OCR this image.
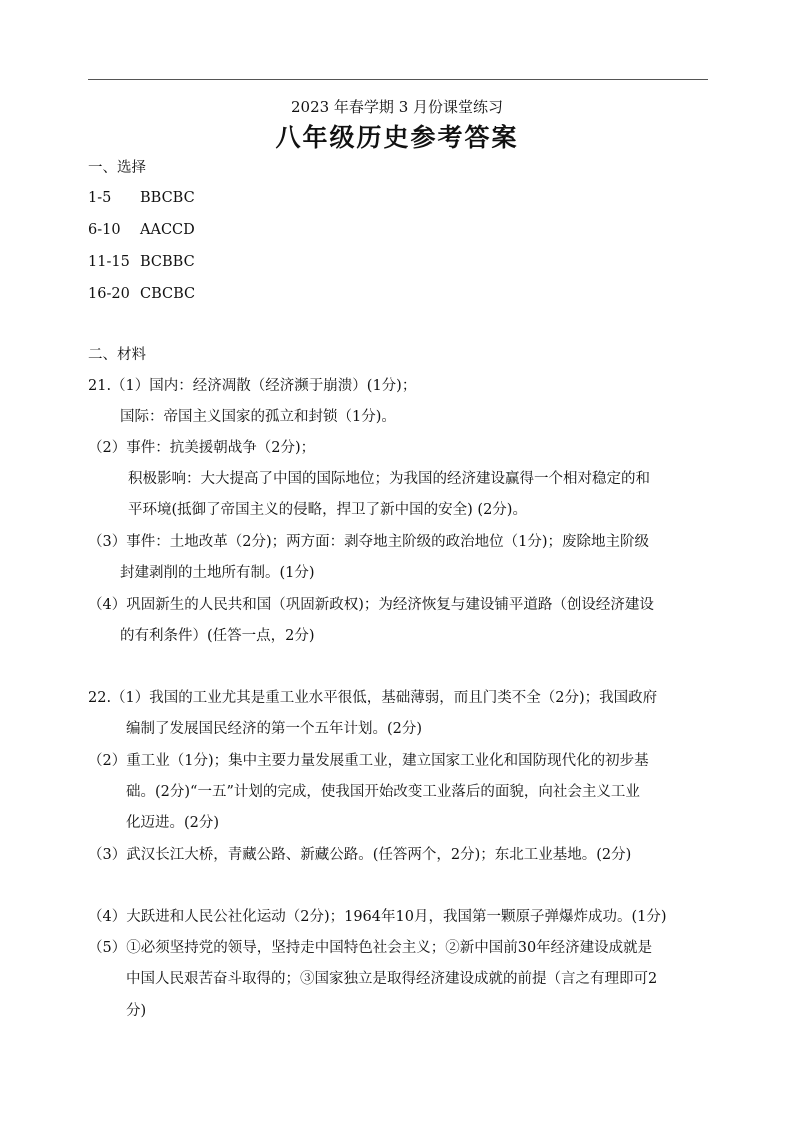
2023 年春学期 3 月份课堂练习
八年级历史参考答案
一、选择
1-5 BBCBC
6-10 AACCD
11-15 BCBBC
16-20 CBCBC
二、材料
21.（1）国内：经济凋散（经济濒于崩溃）(1分)；
国际：帝国主义国家的孤立和封锁（1分)。
（2）事件：抗美援朝战争（2分)；
积极影响：大大提高了中国的国际地位；为我国的经济建设赢得一个相对稳定的和
平环境(抵御了帝国主义的侵略，捍卫了新中国的安全) (2分)。
（3）事件：土地改革（2分)；两方面：剥夺地主阶级的政治地位（1分)；废除地主阶级
封建剥削的土地所有制。(1分)
（4）巩固新生的人民共和国（巩固新政权)；为经济恢复与建设铺平道路（创设经济建设
的有利条件）(任答一点，2分)
22.（1）我国的工业尤其是重工业水平很低，基础薄弱，而且门类不全（2分)；我国政府
编制了发展国民经济的第一个五年计划。(2分)
（2）重工业（1分)；集中主要力量发展重工业，建立国家工业化和国防现代化的初步基
础。(2分)“一五”计划的完成，使我国开始改变工业落后的面貌，向社会主义工业
化迈进。(2分)
（3）武汉长江大桥，青藏公路、新藏公路。(任答两个，2分)；东北工业基地。(2分)
（4）大跃进和人民公社化运动（2分)；1964年10月，我国第一颗原子弹爆炸成功。(1分)
（5）①必须坚持党的领导，坚持走中国特色社会主义；②新中国前30年经济建设成就是
中国人民艰苦奋斗取得的；③国家独立是取得经济建设成就的前提（言之有理即可2
分)
